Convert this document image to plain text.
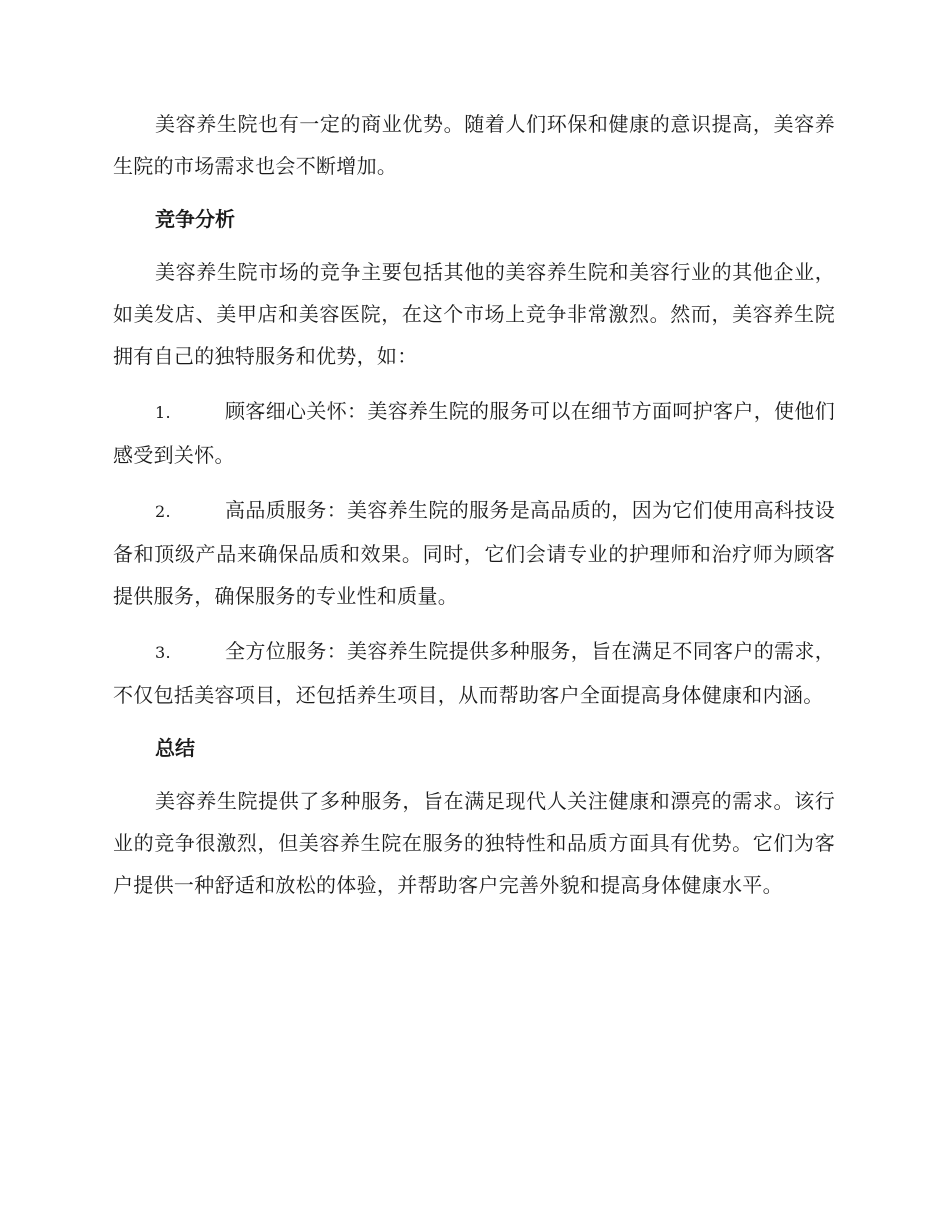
美容养生院也有一定的商业优势。随着人们环保和健康的意识提高，美容养生院的市场需求也会不断增加。

竞争分析

美容养生院市场的竞争主要包括其他的美容养生院和美容行业的其他企业，如美发店、美甲店和美容医院，在这个市场上竞争非常激烈。然而，美容养生院拥有自己的独特服务和优势，如：

1.	顾客细心关怀：美容养生院的服务可以在细节方面呵护客户，使他们感受到关怀。

2.	高品质服务：美容养生院的服务是高品质的，因为它们使用高科技设备和顶级产品来确保品质和效果。同时，它们会请专业的护理师和治疗师为顾客提供服务，确保服务的专业性和质量。

3.	全方位服务：美容养生院提供多种服务，旨在满足不同客户的需求，不仅包括美容项目，还包括养生项目，从而帮助客户全面提高身体健康和内涵。

总结

美容养生院提供了多种服务，旨在满足现代人关注健康和漂亮的需求。该行业的竞争很激烈，但美容养生院在服务的独特性和品质方面具有优势。它们为客户提供一种舒适和放松的体验，并帮助客户完善外貌和提高身体健康水平。
